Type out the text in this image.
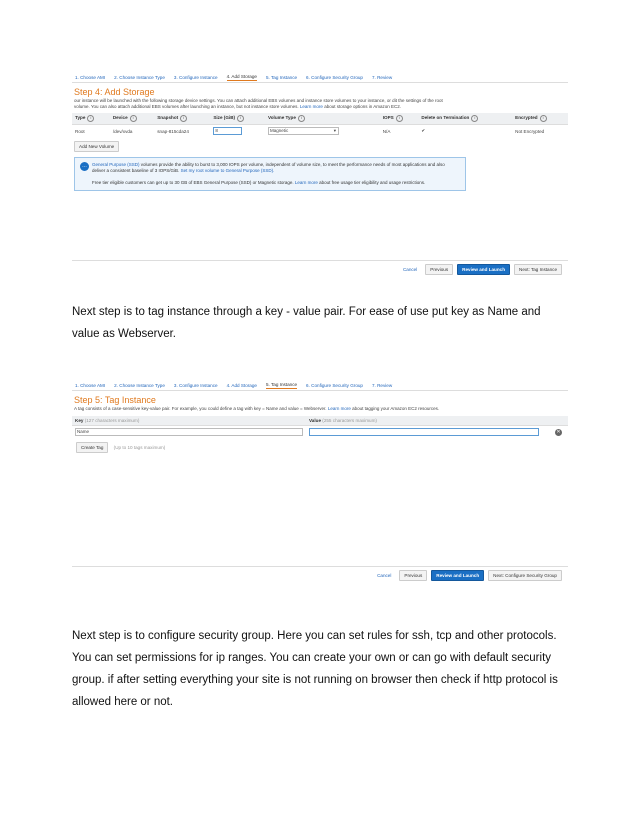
1. Choose AMI 2. Choose Instance Type 3. Configure Instance 4. Add Storage 5. Tag Instance 6. Configure Security Group 7. Review
Step 4: Add Storage
our instance will be launched with the following storage device settings. You can attach additional EBS volumes and instance store volumes to your instance, or dit the settings of the root volume. You can also attach additional EBS volumes after launching an instance, but not instance store volumes. Learn more about storage options in Amazon EC2.
Type i	Device i	Snapshot i	Size (GiB) i	Volume Type i	IOPS i	Delete on Termination i	Encrypted i
Root	/dev/xvda	snap-815cda24	8	Magnetic ▾	N/A	✔	Not Encrypted
Add New Volume
… General Purpose (SSD) volumes provide the ability to burst to 3,000 IOPS per volume, independent of volume size, to meet the performance needs of most applications and also deliver a consistent baseline of 3 IOPS/GiB. Set my root volume to General Purpose (SSD).

Free tier eligible customers can get up to 30 GB of EBS General Purpose (SSD) or Magnetic storage. Learn more about free usage tier eligibility and usage restrictions.
Cancel	Previous	Review and Launch	Next: Tag Instance
Next step is to tag instance through a key - value pair. For ease of use put key as Name and
value as Webserver.
1. Choose AMI 2. Choose Instance Type 3. Configure Instance 4. Add Storage 5. Tag Instance 6. Configure Security Group 7. Review
Step 5: Tag Instance
A tag consists of a case-sensitive key-value pair. For example, you could define a tag with key = Name and value = Webserver. Learn more about tagging your Amazon EC2 resources.
Key (127 characters maximum)	Value (255 characters maximum)	
Name		✕
Create Tag (Up to 10 tags maximum)
Cancel	Previous	Review and Launch	Next: Configure Security Group
Next step is to configure security group. Here you can set rules for ssh, tcp and other protocols.
You can set permissions for ip ranges. You can create your own or can go with default security
group. if after setting everything your site is not running on browser then check if http protocol is
allowed here or not.
